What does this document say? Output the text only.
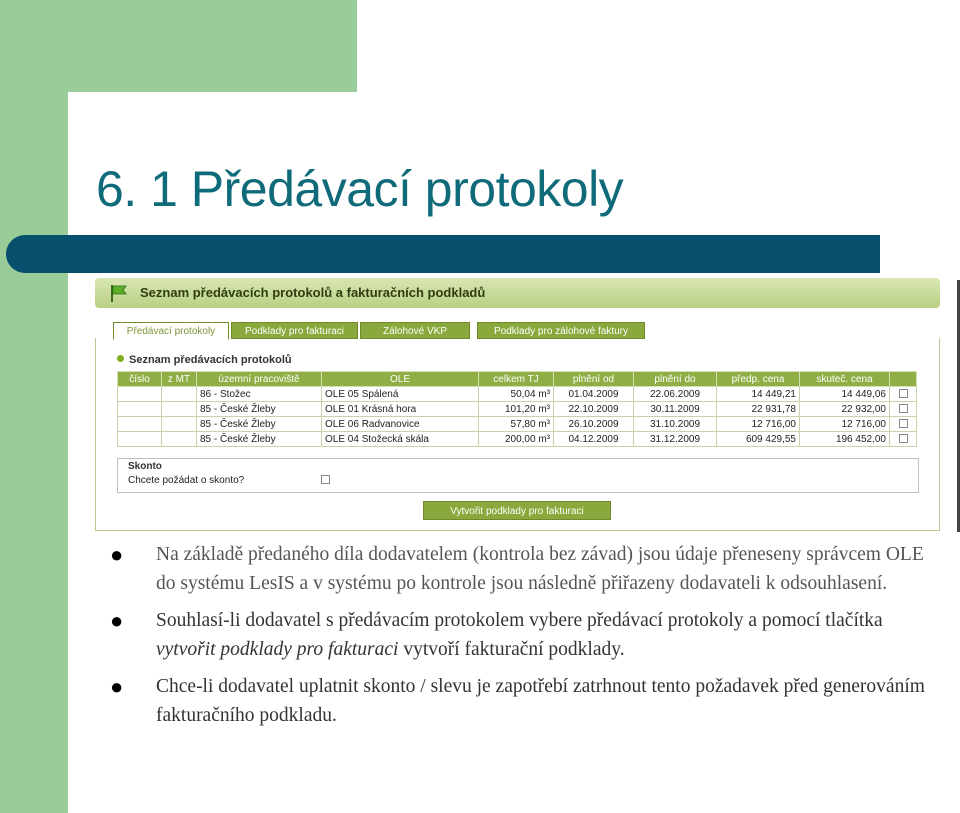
6. 1 Předávací protokoly
Seznam předávacích protokolů a fakturačních podkladů
Předávací protokoly	Podklady pro fakturaci	Zálohové VKP	Podklady pro zálohové faktury
Seznam předávacích protokolů
číslo	z MT	územní pracoviště	OLE	celkem TJ	plnění od	plnění do	předp. cena	skuteč. cena	
		86 - Stožec	OLE 05 Spálená	50,04 m³	01.04.2009	22.06.2009	14 449,21	14 449,06	
		85 - České Žleby	OLE 01 Krásná hora	101,20 m³	22.10.2009	30.11.2009	22 931,78	22 932,00	
		85 - České Žleby	OLE 06 Radvanovice	57,80 m³	26.10.2009	31.10.2009	12 716,00	12 716,00	
		85 - České Žleby	OLE 04 Stožecká skála	200,00 m³	04.12.2009	31.12.2009	609 429,55	196 452,00	
Skonto
Chcete požádat o skonto?
Vytvořit podklady pro fakturaci
● Na základě předaného díla dodavatelem (kontrola bez závad) jsou údaje přeneseny správcem OLE do systému LesIS a v systému po kontrole jsou následně přiřazeny dodavateli k odsouhlasení.
● Souhlasí-li dodavatel s předávacím protokolem vybere předávací protokoly a pomocí tlačítka vytvořit podklady pro fakturaci vytvoří fakturační podklady.
● Chce-li dodavatel uplatnit skonto / slevu je zapotřebí zatrhnout tento požadavek před generováním fakturačního podkladu.
